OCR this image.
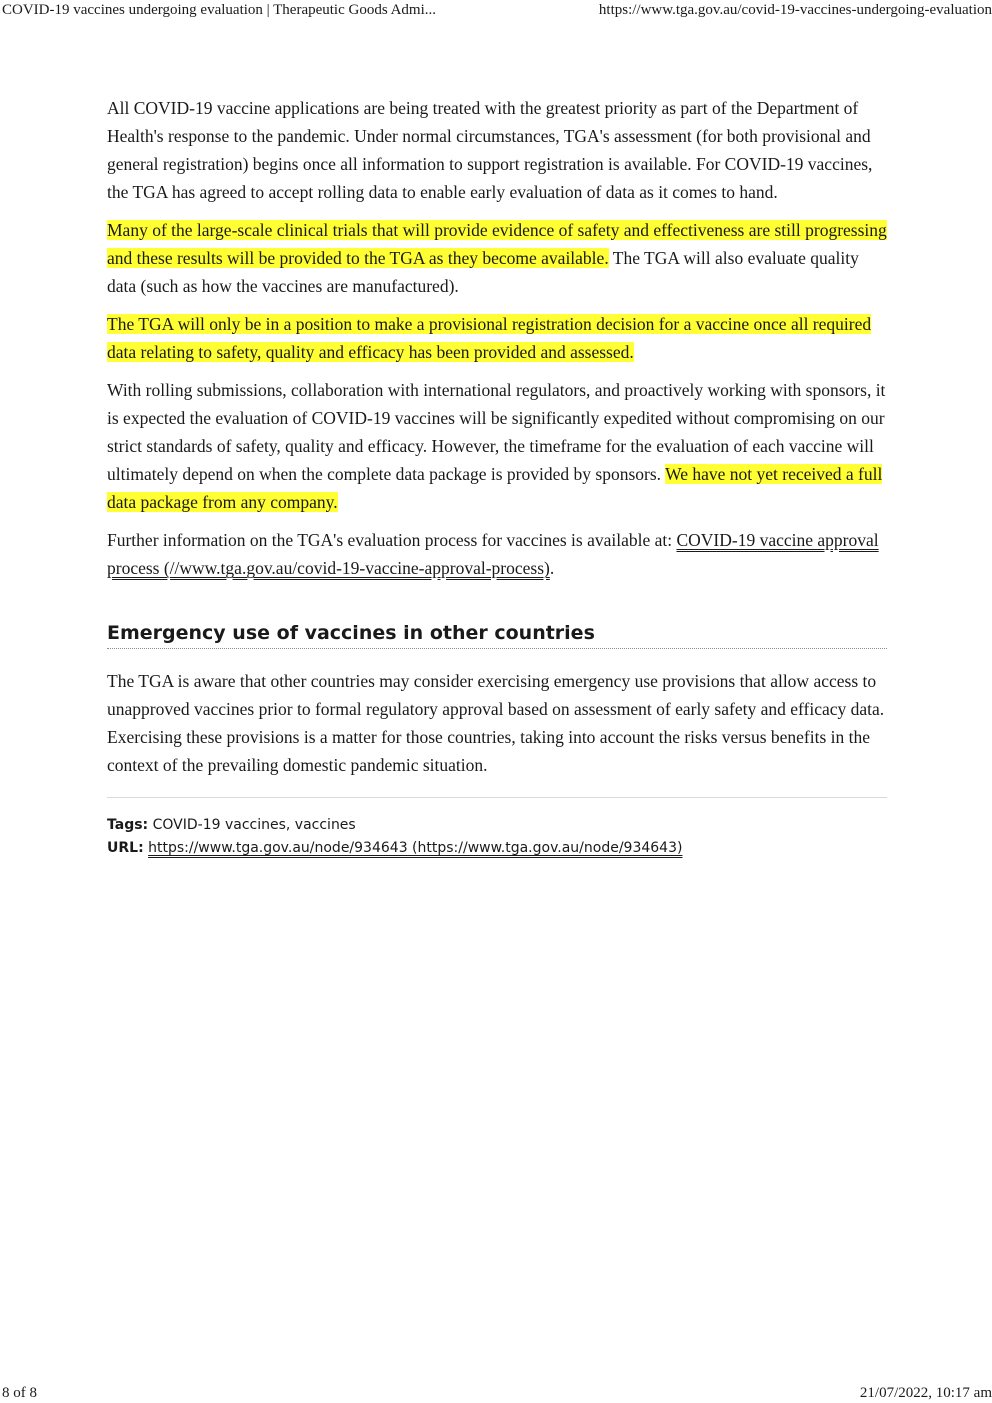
COVID-19 vaccines undergoing evaluation | Therapeutic Goods Admi...	https://www.tga.gov.au/covid-19-vaccines-undergoing-evaluation

All COVID-19 vaccine applications are being treated with the greatest priority as part of the Department of Health's response to the pandemic. Under normal circumstances, TGA's assessment (for both provisional and general registration) begins once all information to support registration is available. For COVID-19 vaccines, the TGA has agreed to accept rolling data to enable early evaluation of data as it comes to hand.

Many of the large-scale clinical trials that will provide evidence of safety and effectiveness are still progressing and these results will be provided to the TGA as they become available. The TGA will also evaluate quality data (such as how the vaccines are manufactured).

The TGA will only be in a position to make a provisional registration decision for a vaccine once all required data relating to safety, quality and efficacy has been provided and assessed.

With rolling submissions, collaboration with international regulators, and proactively working with sponsors, it is expected the evaluation of COVID-19 vaccines will be significantly expedited without compromising on our strict standards of safety, quality and efficacy. However, the timeframe for the evaluation of each vaccine will ultimately depend on when the complete data package is provided by sponsors. We have not yet received a full data package from any company.

Further information on the TGA's evaluation process for vaccines is available at: COVID-19 vaccine approval process (//www.tga.gov.au/covid-19-vaccine-approval-process).

Emergency use of vaccines in other countries

The TGA is aware that other countries may consider exercising emergency use provisions that allow access to unapproved vaccines prior to formal regulatory approval based on assessment of early safety and efficacy data. Exercising these provisions is a matter for those countries, taking into account the risks versus benefits in the context of the prevailing domestic pandemic situation.

Tags: COVID-19 vaccines, vaccines
URL: https://www.tga.gov.au/node/934643 (https://www.tga.gov.au/node/934643)
8 of 8	21/07/2022, 10:17 am
